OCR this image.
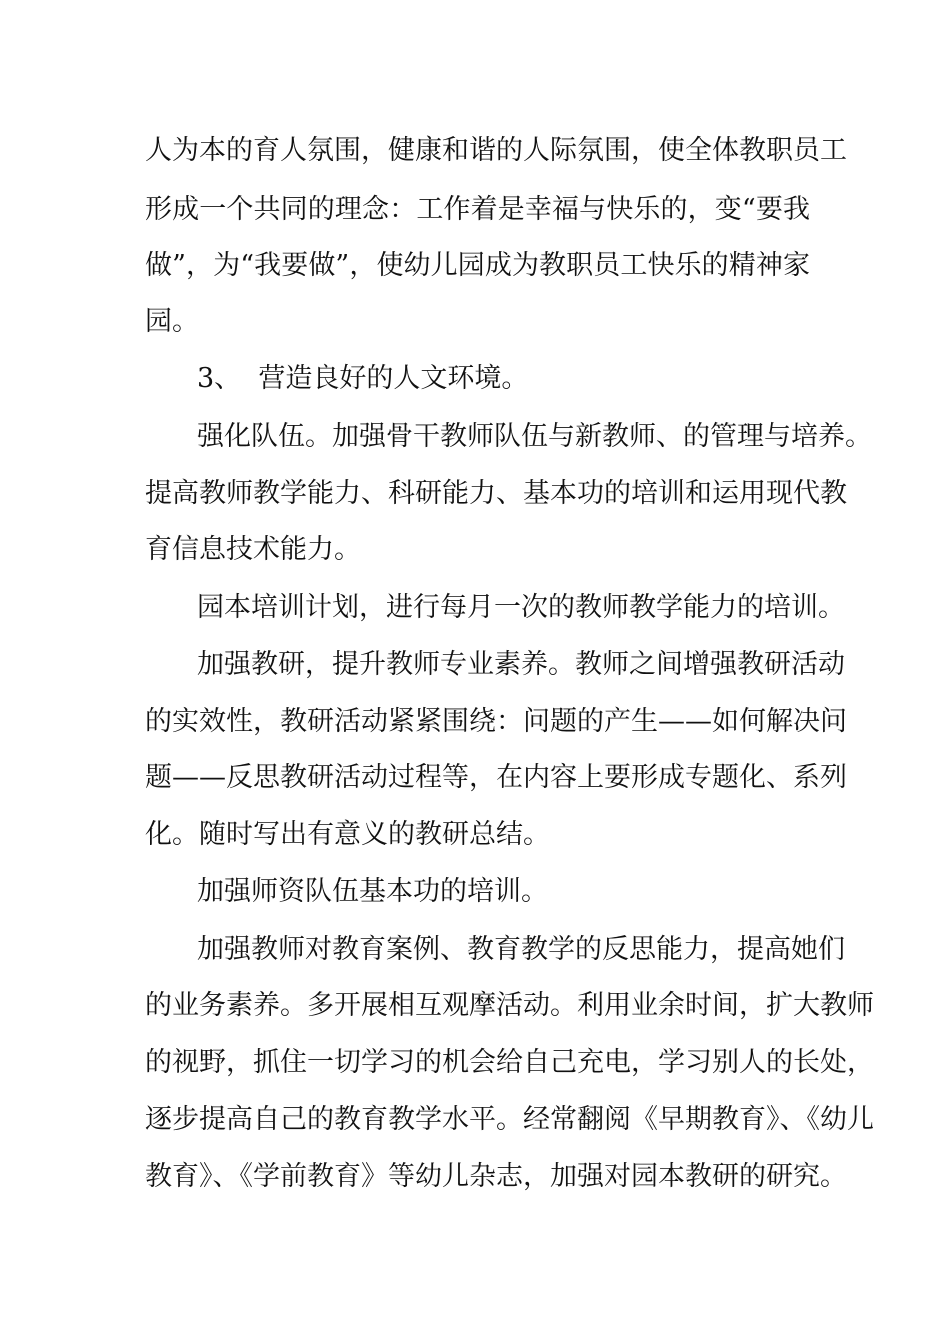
人为本的育人氛围，健康和谐的人际氛围，使全体教职员工
形成一个共同的理念：工作着是幸福与快乐的，变“要我
做”，为“我要做”，使幼儿园成为教职员工快乐的精神家
园。
3、  营造良好的人文环境。
强化队伍。加强骨干教师队伍与新教师、的管理与培养。
提高教师教学能力、科研能力、基本功的培训和运用现代教
育信息技术能力。
园本培训计划，进行每月一次的教师教学能力的培训。
加强教研，提升教师专业素养。教师之间增强教研活动
的实效性，教研活动紧紧围绕：问题的产生——如何解决问
题——反思教研活动过程等，在内容上要形成专题化、系列
化。随时写出有意义的教研总结。
加强师资队伍基本功的培训。
加强教师对教育案例、教育教学的反思能力，提高她们
的业务素养。多开展相互观摩活动。利用业余时间，扩大教师
的视野，抓住一切学习的机会给自己充电，学习别人的长处，
逐步提高自己的教育教学水平。经常翻阅《早期教育》、《幼儿
教育》、《学前教育》等幼儿杂志，加强对园本教研的研究。
